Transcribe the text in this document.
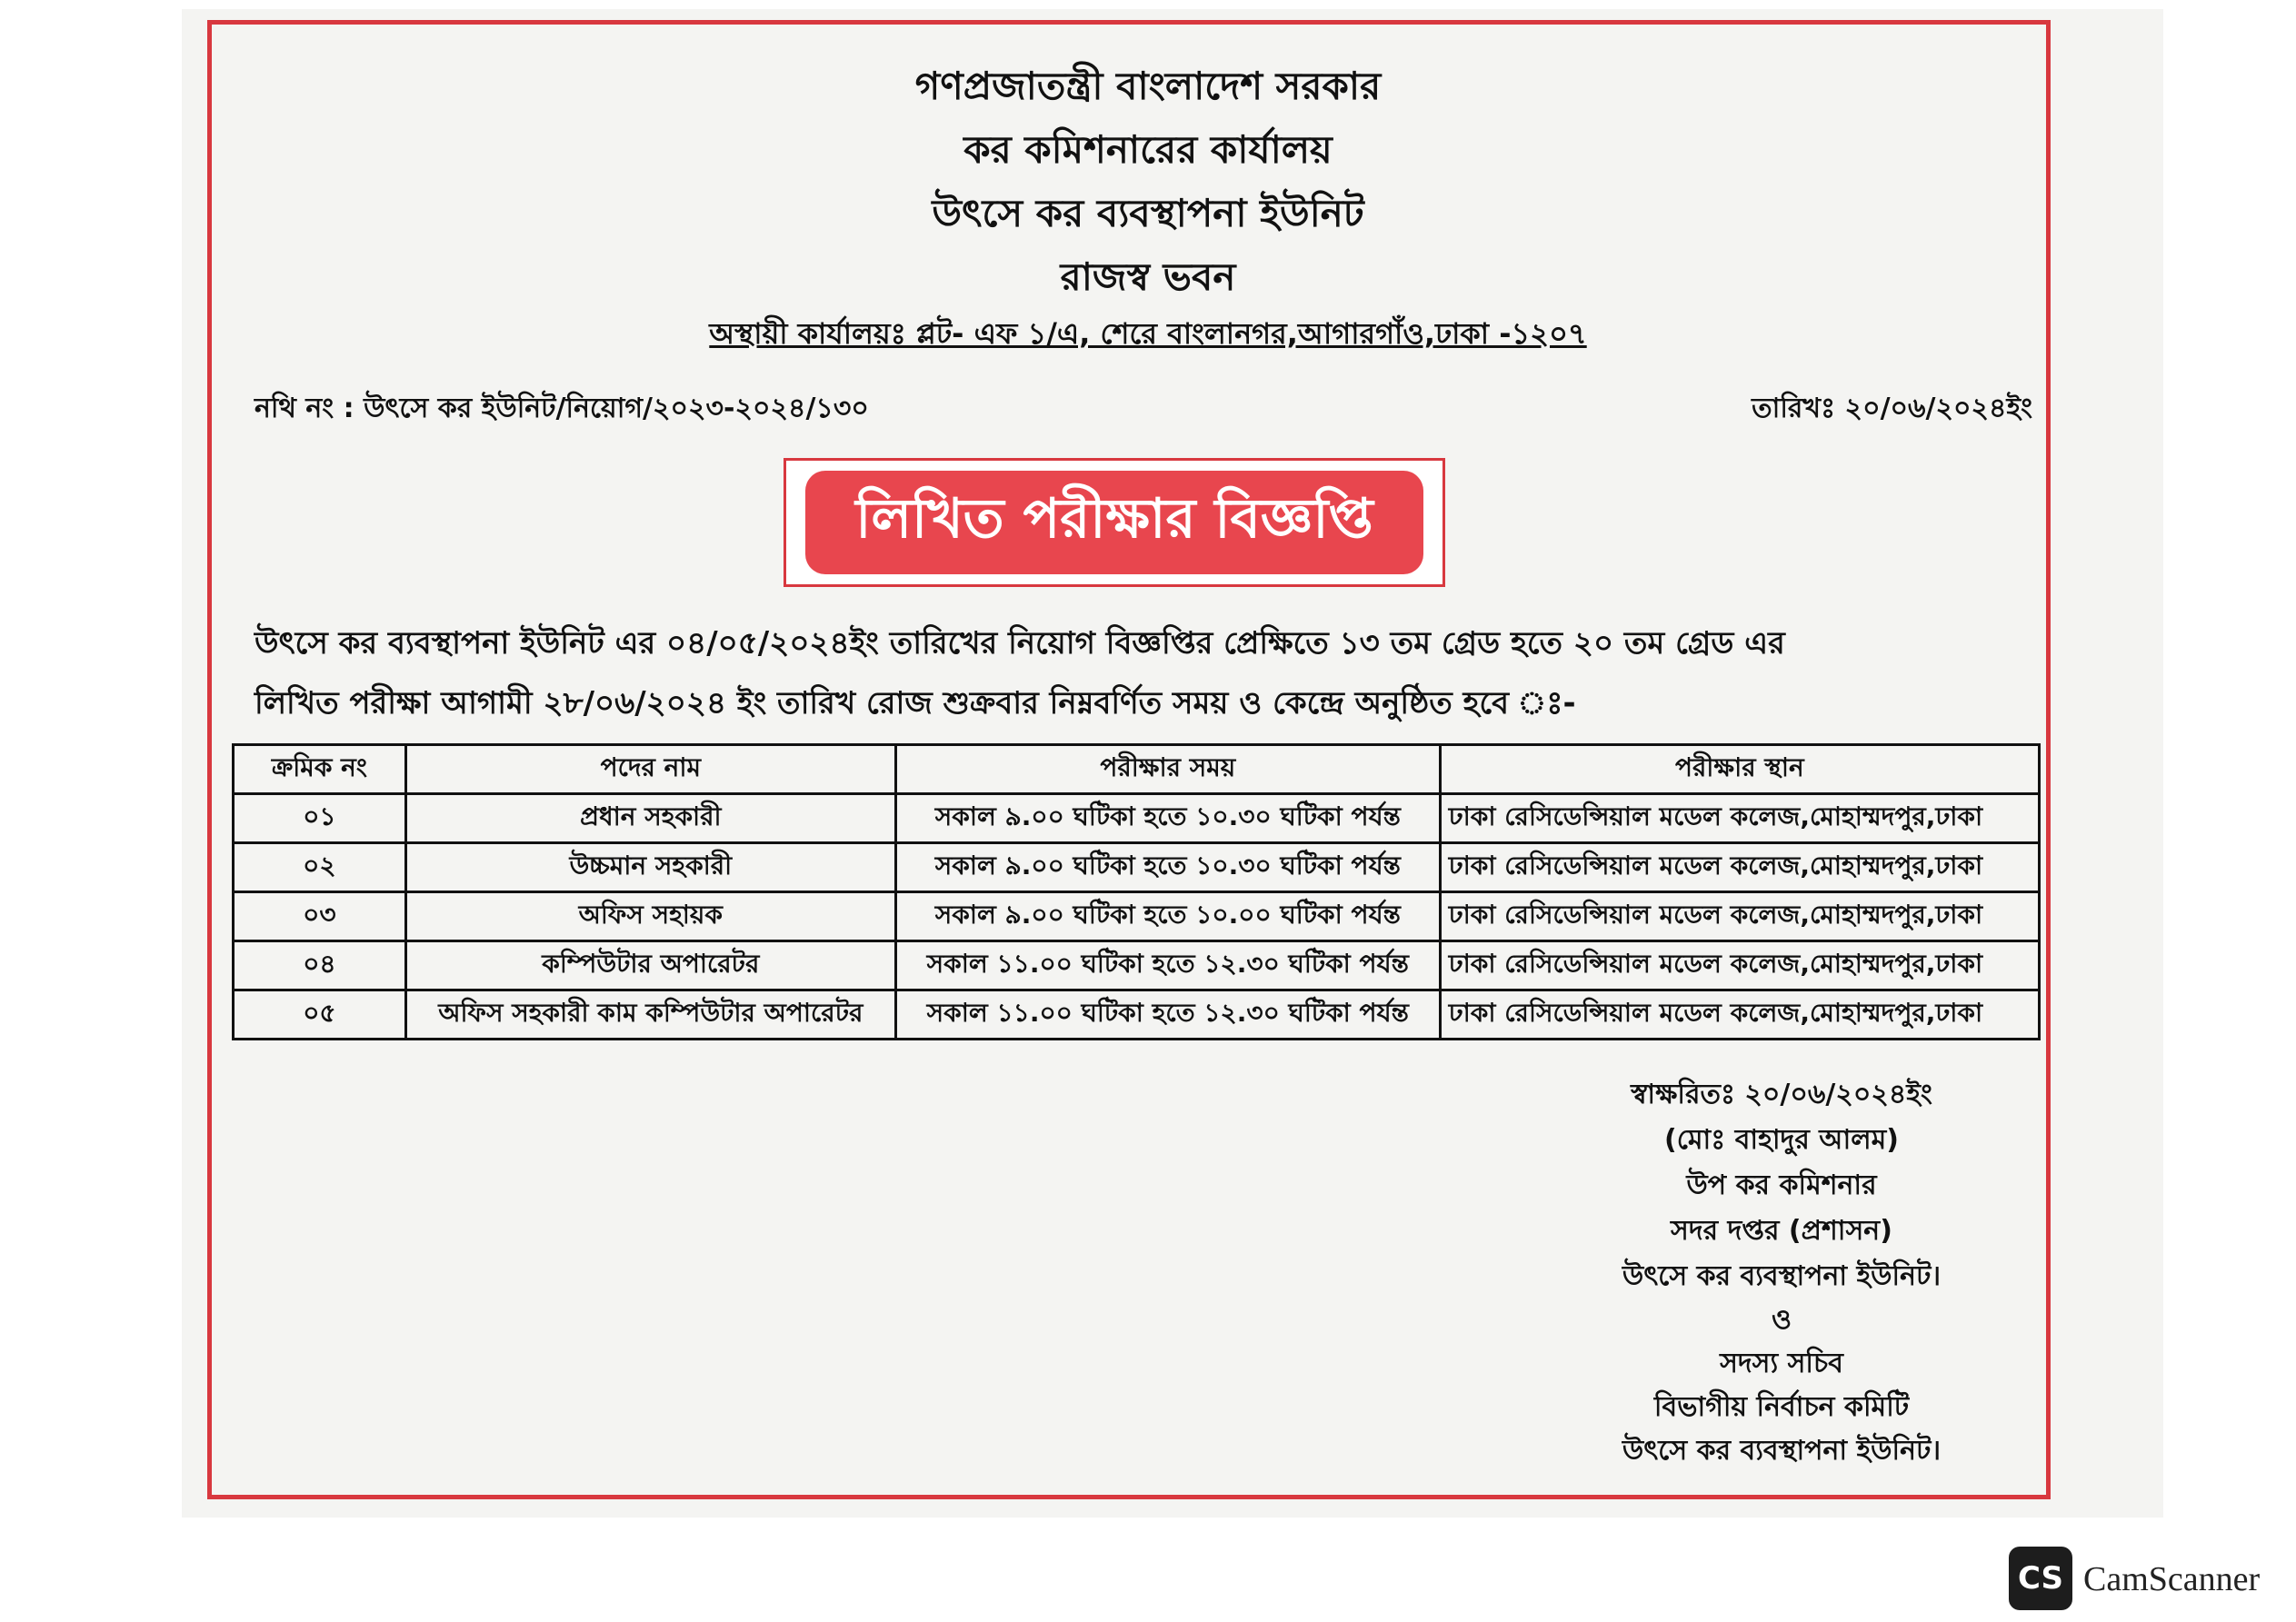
গণপ্রজাতন্ত্রী বাংলাদেশ সরকার
কর কমিশনারের কার্যালয়
উৎসে কর ব্যবস্থাপনা ইউনিট
রাজস্ব ভবন
অস্থায়ী কার্যালয়ঃ প্লট- এফ ১/এ, শেরে বাংলানগর,আগারগাঁও,ঢাকা -১২০৭
নথি নং : উৎসে কর ইউনিট/নিয়োগ/২০২৩-২০২৪/১৩০	তারিখঃ ২০/০৬/২০২৪ইং
লিখিত পরীক্ষার বিজ্ঞপ্তি
উৎসে কর ব্যবস্থাপনা ইউনিট এর ০৪/০৫/২০২৪ইং তারিখের নিয়োগ বিজ্ঞপ্তির প্রেক্ষিতে ১৩ তম গ্রেড হতে ২০ তম গ্রেড এর
লিখিত পরীক্ষা আগামী ২৮/০৬/২০২৪ ইং তারিখ রোজ শুক্রবার নিম্নবর্ণিত সময় ও কেন্দ্রে অনুষ্ঠিত হবে ঃ-
ক্রমিক নং	পদের নাম	পরীক্ষার সময়	পরীক্ষার স্থান
০১	প্রধান সহকারী	সকাল ৯.০০ ঘটিকা হতে ১০.৩০ ঘটিকা পর্যন্ত	ঢাকা রেসিডেন্সিয়াল মডেল কলেজ,মোহাম্মদপুর,ঢাকা
০২	উচ্চমান সহকারী	সকাল ৯.০০ ঘটিকা হতে ১০.৩০ ঘটিকা পর্যন্ত	ঢাকা রেসিডেন্সিয়াল মডেল কলেজ,মোহাম্মদপুর,ঢাকা
০৩	অফিস সহায়ক	সকাল ৯.০০ ঘটিকা হতে ১০.০০ ঘটিকা পর্যন্ত	ঢাকা রেসিডেন্সিয়াল মডেল কলেজ,মোহাম্মদপুর,ঢাকা
০৪	কম্পিউটার অপারেটর	সকাল ১১.০০ ঘটিকা হতে ১২.৩০ ঘটিকা পর্যন্ত	ঢাকা রেসিডেন্সিয়াল মডেল কলেজ,মোহাম্মদপুর,ঢাকা
০৫	অফিস সহকারী কাম কম্পিউটার অপারেটর	সকাল ১১.০০ ঘটিকা হতে ১২.৩০ ঘটিকা পর্যন্ত	ঢাকা রেসিডেন্সিয়াল মডেল কলেজ,মোহাম্মদপুর,ঢাকা
স্বাক্ষরিতঃ ২০/০৬/২০২৪ইং
(মোঃ বাহাদুর আলম)
উপ কর কমিশনার
সদর দপ্তর (প্রশাসন)
উৎসে কর ব্যবস্থাপনা ইউনিট।
ও
সদস্য সচিব
বিভাগীয় নির্বাচন কমিটি
উৎসে কর ব্যবস্থাপনা ইউনিট।
CS CamScanner
